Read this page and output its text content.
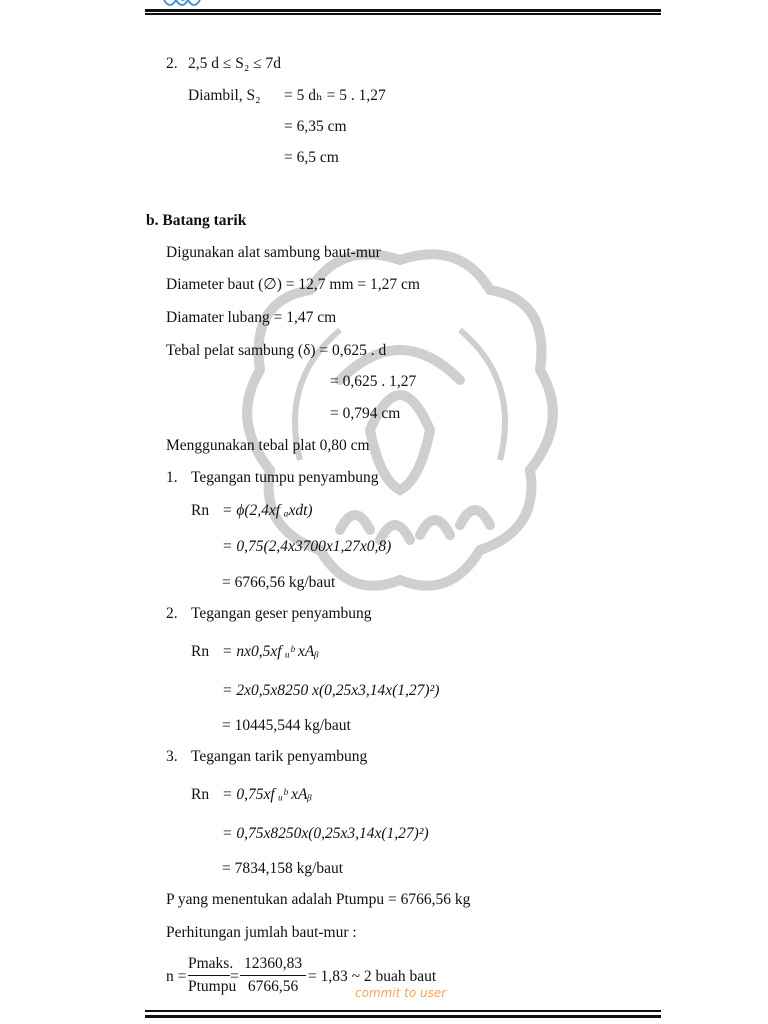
2. 2,5 d ≤ S₂ ≤ 7d
Diambil, S₂ = 5 dₕ = 5 . 1,27
= 6,35 cm
= 6,5 cm
b. Batang tarik
Digunakan alat sambung baut-mur
Diameter baut (∅) = 12,7 mm = 1,27 cm
Diamater lubang = 1,47 cm
Tebal pelat sambung (δ) = 0,625 . d
= 0,625 . 1,27
= 0,794 cm
Menggunakan tebal plat 0,80 cm
1. Tegangan tumpu penyambung
Rn = ϕ(2,4xf ₐxdt)
= 0,75(2,4x3700x1,27x0,8)
= 6766,56 kg/baut
2. Tegangan geser penyambung
Rn = nx0,5xf ᵤᵇ xAᵦ
= 2x0,5x8250 x(0,25x3,14x(1,27)²)
= 10445,544 kg/baut
3. Tegangan tarik penyambung
Rn = 0,75xf ᵤᵇ xAᵦ
= 0,75x8250x(0,25x3,14x(1,27)²)
= 7834,158 kg/baut
P yang menentukan adalah Ptumpu = 6766,56 kg
Perhitungan jumlah baut-mur :
n =
Pmaks.
Ptumpu
=
12360,83
6766,56
= 1,83 ~ 2 buah baut
commit to user
